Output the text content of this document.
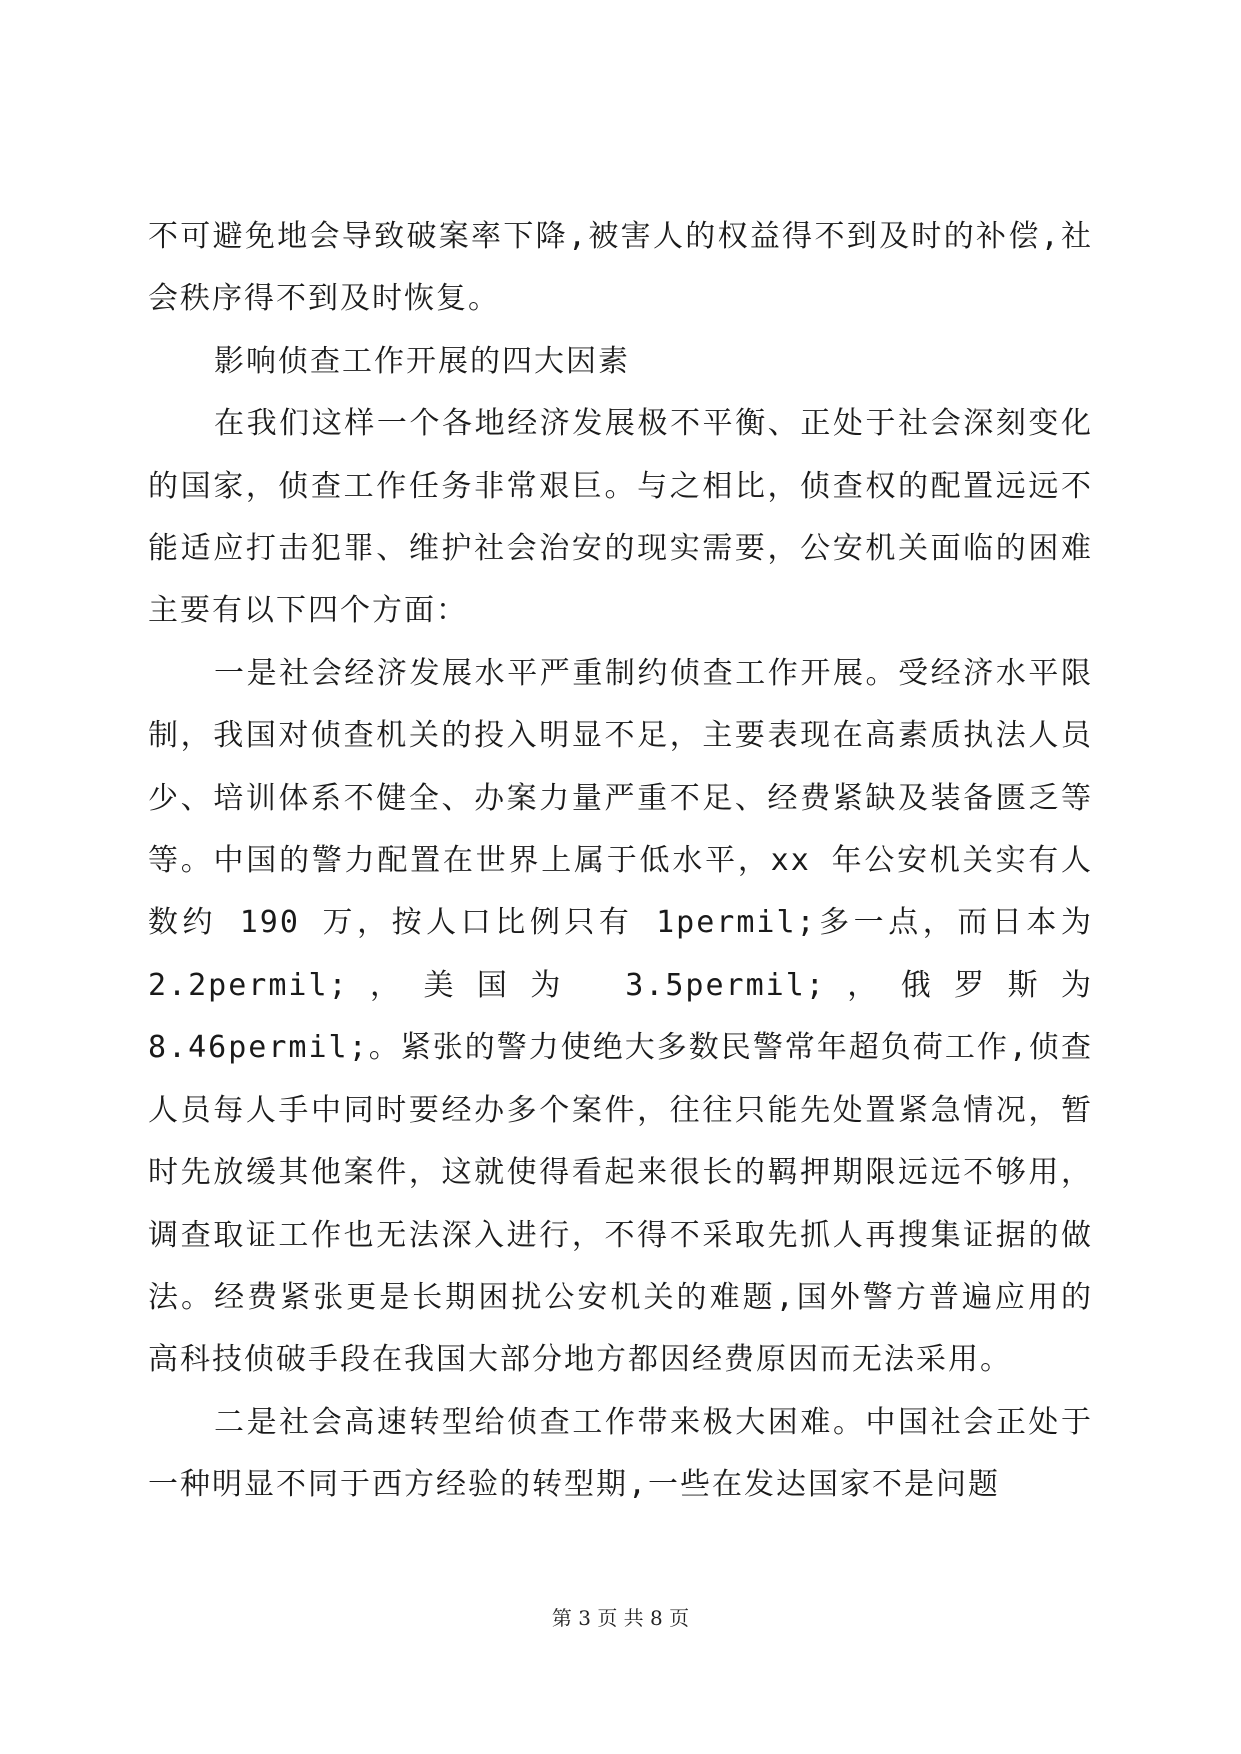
不可避免地会导致破案率下降,被害人的权益得不到及时的补偿,社会秩序得不到及时恢复。

影响侦查工作开展的四大因素

在我们这样一个各地经济发展极不平衡、正处于社会深刻变化的国家，侦查工作任务非常艰巨。与之相比，侦查权的配置远远不能适应打击犯罪、维护社会治安的现实需要，公安机关面临的困难主要有以下四个方面：

一是社会经济发展水平严重制约侦查工作开展。受经济水平限制，我国对侦查机关的投入明显不足，主要表现在高素质执法人员少、培训体系不健全、办案力量严重不足、经费紧缺及装备匮乏等等。中国的警力配置在世界上属于低水平，xx 年公安机关实有人数约 190 万，按人口比例只有 1permil;多一点，而日本为 2.2permil;，美国为 3.5permil;，俄罗斯为 8.46permil;。紧张的警力使绝大多数民警常年超负荷工作,侦查人员每人手中同时要经办多个案件，往往只能先处置紧急情况，暂时先放缓其他案件，这就使得看起来很长的羁押期限远远不够用，调查取证工作也无法深入进行，不得不采取先抓人再搜集证据的做法。经费紧张更是长期困扰公安机关的难题,国外警方普遍应用的高科技侦破手段在我国大部分地方都因经费原因而无法采用。

二是社会高速转型给侦查工作带来极大困难。中国社会正处于一种明显不同于西方经验的转型期,一些在发达国家不是问题

第 3 页 共 8 页
